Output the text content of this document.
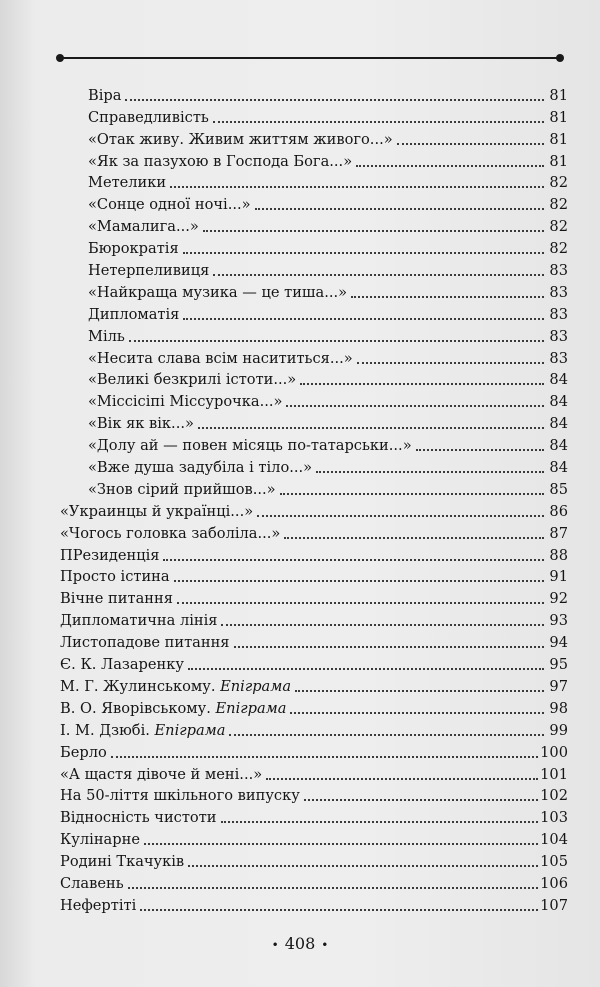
Віра	81
Справедливість	81
«Отак живу. Живим життям живого...»	81
«Як за пазухою в Господа Бога...»	81
Метелики	82
«Сонце одної ночі...»	82
«Мамалига...»	82
Бюрократія	82
Нетерпеливиця	83
«Найкраща музика — це тиша...»	83
Дипломатія	83
Міль	83
«Несита слава всім насититься...»	83
«Великі безкрилі істоти...»	84
«Міссісіпі Міссурочка...»	84
«Вік як вік...»	84
«Долу ай — повен місяць по-татарськи...»	84
«Вже душа задубіла і тіло...»	84
«Знов сірий прийшов...»	85
«Украинцы й українці...»	86
«Чогось головка заболіла...»	87
ПРезиденція	88
Просто істина	91
Вічне питання	92
Дипломатична лінія	93
Листопадове питання	94
Є. К. Лазаренку	95
М. Г. Жулинському. Епіграма	97
В. О. Яворівському. Епіграма	98
І. М. Дзюбі. Епіграма	99
Берло	100
«А щастя дівоче й мені...»	101
На 50-ліття шкільного випуску	102
Відносність чистоти	103
Кулінарне	104
Родині Ткачуків	105
Славень	106
Нефертіті	107
• 408 •
